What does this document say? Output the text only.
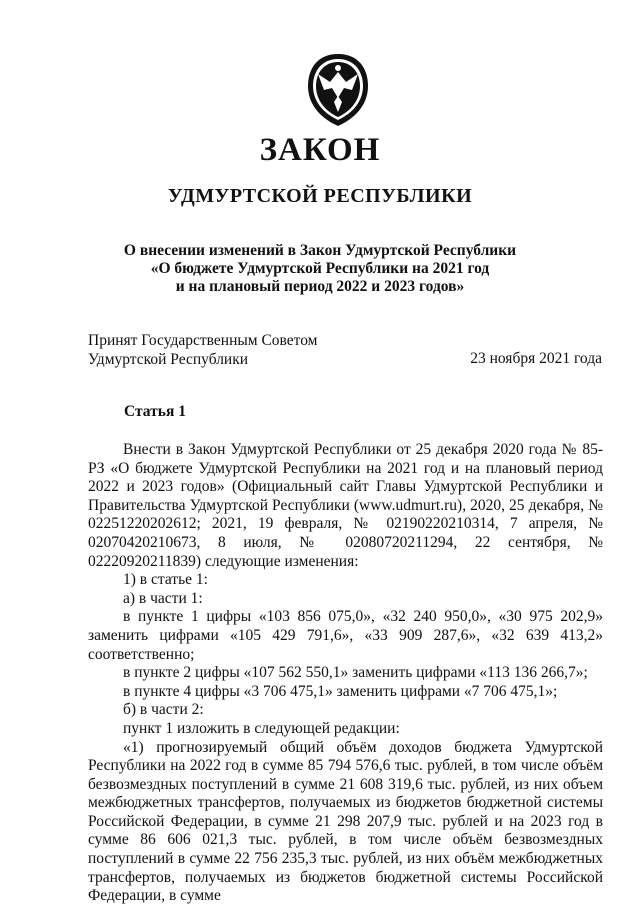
ЗАКОН
УДМУРТСКОЙ РЕСПУБЛИКИ
О внесении изменений в Закон Удмуртской Республики
«О бюджете Удмуртской Республики на 2021 год
и на плановый период 2022 и 2023 годов»
Принят Государственным Советом
Удмуртской Республики	23 ноября 2021 года
Статья 1

Внести в Закон Удмуртской Республики от 25 декабря 2020 года № 85-РЗ «О бюджете Удмуртской Республики на 2021 год и на плановый период 2022 и 2023 годов» (Официальный сайт Главы Удмуртской Республики и Правительства Удмуртской Республики (www.udmurt.ru), 2020, 25 декабря, № 02251220202612; 2021, 19 февраля, № 02190220210314, 7 апреля, № 02070420210673, 8 июля, № 02080720211294, 22 сентября, № 02220920211839) следующие изменения:

1) в статье 1:

а) в части 1:

в пункте 1 цифры «103 856 075,0», «32 240 950,0», «30 975 202,9» заменить цифрами «105 429 791,6», «33 909 287,6», «32 639 413,2» соответственно;

в пункте 2 цифры «107 562 550,1» заменить цифрами «113 136 266,7»;

в пункте 4 цифры «3 706 475,1» заменить цифрами «7 706 475,1»;

б) в части 2:

пункт 1 изложить в следующей редакции:

«1) прогнозируемый общий объём доходов бюджета Удмуртской Республики на 2022 год в сумме 85 794 576,6 тыс. рублей, в том числе объём безвозмездных поступлений в сумме 21 608 319,6 тыс. рублей, из них объем межбюджетных трансфертов, получаемых из бюджетов бюджетной системы Российской Федерации, в сумме 21 298 207,9 тыс. рублей и на 2023 год в сумме 86 606 021,3 тыс. рублей, в том числе объём безвозмездных поступлений в сумме 22 756 235,3 тыс. рублей, из них объём межбюджетных трансфертов, получаемых из бюджетов бюджетной системы Российской Федерации, в сумме
